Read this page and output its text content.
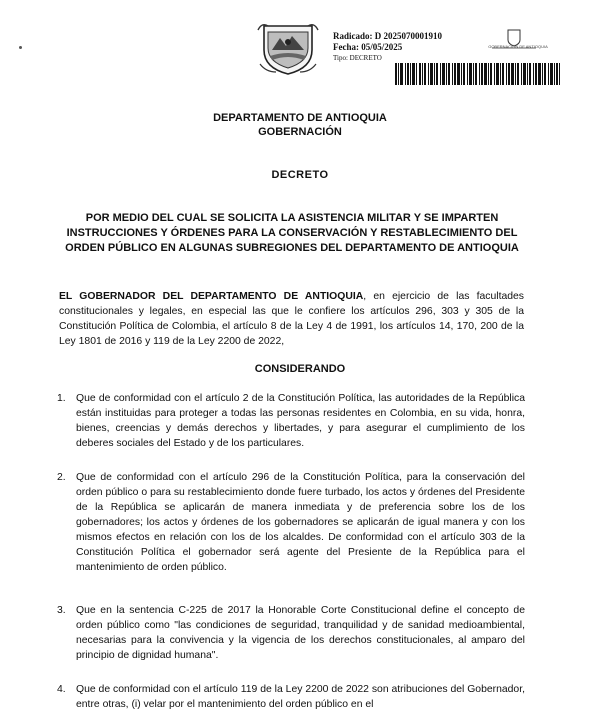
Radicado: D 2025070001910
Fecha: 05/05/2025
Tipo: DECRETO
GOBERNACIÓN DE ANTIOQUIA
DEPARTAMENTO DE ANTIOQUIA
GOBERNACIÓN
DECRETO
POR MEDIO DEL CUAL SE SOLICITA LA ASISTENCIA MILITAR Y SE IMPARTEN INSTRUCCIONES Y ÓRDENES PARA LA CONSERVACIÓN Y RESTABLECIMIENTO DEL ORDEN PÚBLICO EN ALGUNAS SUBREGIONES DEL DEPARTAMENTO DE ANTIOQUIA
EL GOBERNADOR DEL DEPARTAMENTO DE ANTIOQUIA, en ejercicio de las facultades constitucionales y legales, en especial las que le confiere los artículos 296, 303 y 305 de la Constitución Política de Colombia, el artículo 8 de la Ley 4 de 1991, los artículos 14, 170, 200 de la Ley 1801 de 2016 y 119 de la Ley 2200 de 2022,
CONSIDERANDO
1. Que de conformidad con el artículo 2 de la Constitución Política, las autoridades de la República están instituidas para proteger a todas las personas residentes en Colombia, en su vida, honra, bienes, creencias y demás derechos y libertades, y para asegurar el cumplimiento de los deberes sociales del Estado y de los particulares.
2. Que de conformidad con el artículo 296 de la Constitución Política, para la conservación del orden público o para su restablecimiento donde fuere turbado, los actos y órdenes del Presidente de la República se aplicarán de manera inmediata y de preferencia sobre los de los gobernadores; los actos y órdenes de los gobernadores se aplicarán de igual manera y con los mismos efectos en relación con los de los alcaldes. De conformidad con el artículo 303 de la Constitución Política el gobernador será agente del Presiente de la República para el mantenimiento de orden público.
3. Que en la sentencia C-225 de 2017 la Honorable Corte Constitucional define el concepto de orden público como "las condiciones de seguridad, tranquilidad y de sanidad medioambiental, necesarias para la convivencia y la vigencia de los derechos constitucionales, al amparo del principio de dignidad humana".
4. Que de conformidad con el artículo 119 de la Ley 2200 de 2022 son atribuciones del Gobernador, entre otras, (i) velar por el mantenimiento del orden público en el
